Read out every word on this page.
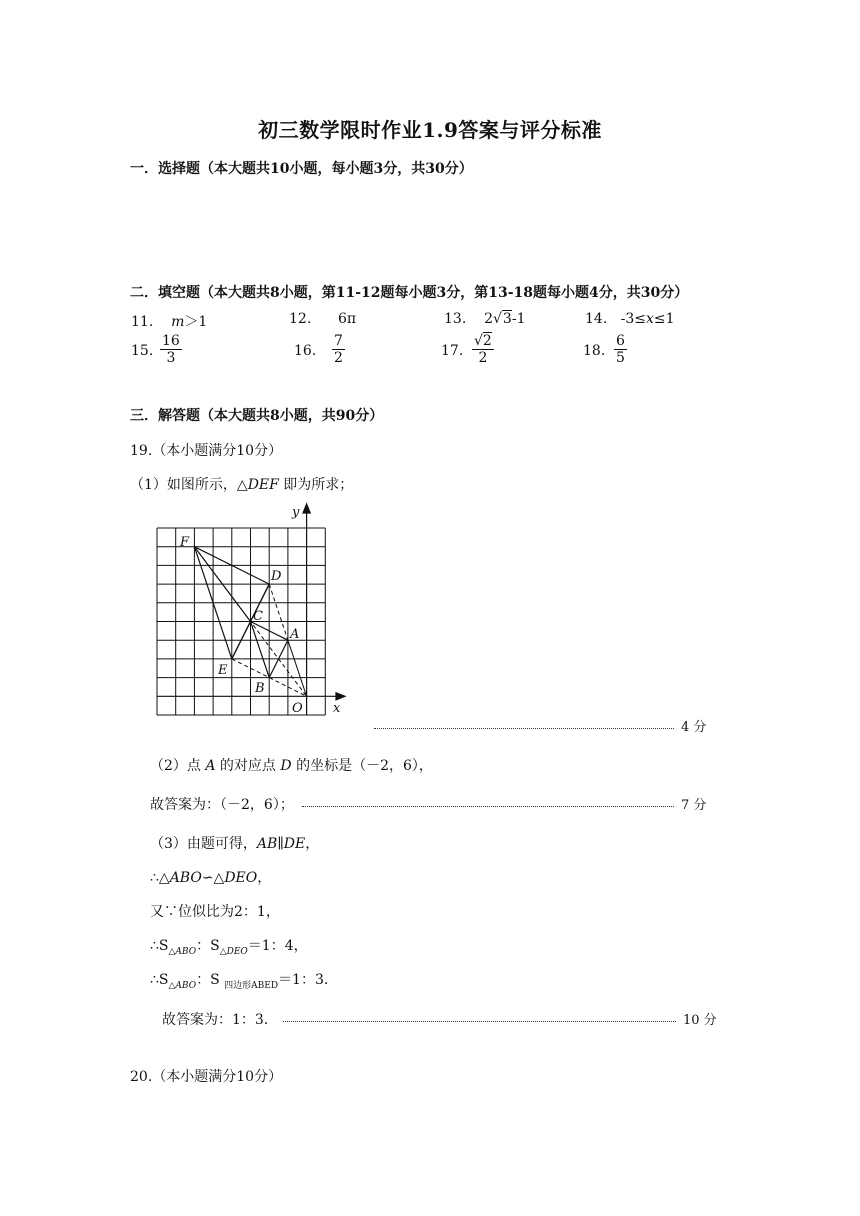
初三数学限时作业1.9答案与评分标准
一．选择题（本大题共10小题，每小题3分，共30分）
二．填空题（本大题共8小题，第11-12题每小题3分，第13-18题每小题4分，共30分）
11. m＞1	12. 6π	13. 2√3-1	14. -3≤x≤1
15. $\frac{16}{3}$	16. $\frac{7}{2}$	17. $\frac{√2}{2}$	18. $\frac{6}{5}$
三．解答题（本大题共8小题，共90分）
19.（本小题满分10分）
（1）如图所示，△DEF 即为所求；
F
D
C
A
E
B
O x
y
4 分
（2）点 A 的对应点 D 的坐标是（－2，6），
故答案为：（－2，6）；	7 分
（3）由题可得，AB∥DE，
∴△ABO∽△DEO，
又∵位似比为2：1，
$\therefore S_{\triangle ABO}$：$S_{\triangle DEO}=1$：4，
$\therefore S_{\triangle ABO}$：S $_{四边形ABED}$＝1：3．
故答案为：1：3．	10 分
20.（本小题满分10分）
